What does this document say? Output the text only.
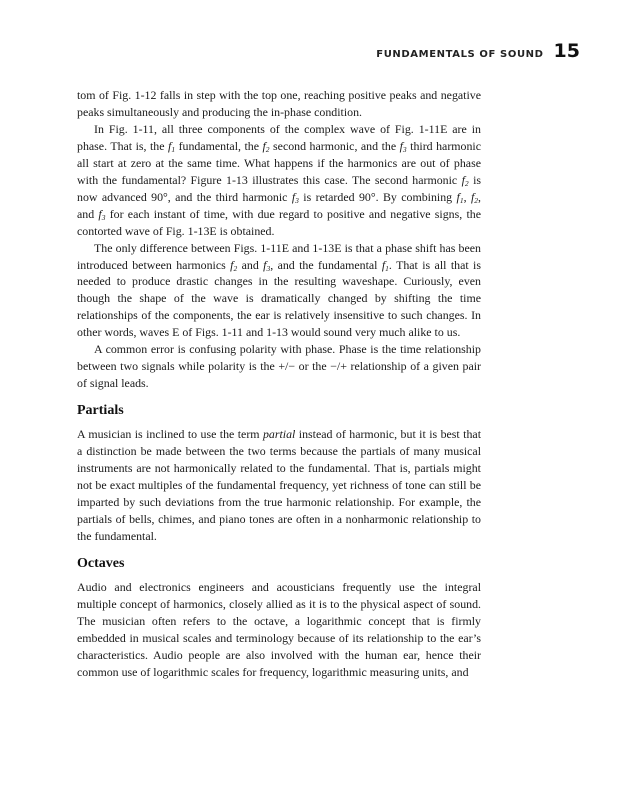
FUNDAMENTALS OF SOUND 15

tom of Fig. 1-12 falls in step with the top one, reaching positive peaks and negative peaks simultaneously and producing the in-phase condition.

In Fig. 1-11, all three components of the complex wave of Fig. 1-11E are in phase. That is, the $f_1$ fundamental, the $f_2$ second harmonic, and the $f_3$ third harmonic all start at zero at the same time. What happens if the harmonics are out of phase with the fundamental? Figure 1-13 illustrates this case. The second harmonic $f_2$ is now advanced 90°, and the third harmonic $f_3$ is retarded 90°. By combining $f_1$, $f_2$, and $f_3$ for each instant of time, with due regard to positive and negative signs, the contorted wave of Fig. 1-13E is obtained.

The only difference between Figs. 1-11E and 1-13E is that a phase shift has been introduced between harmonics $f_2$ and $f_3$, and the fundamental $f_1$. That is all that is needed to produce drastic changes in the resulting waveshape. Curiously, even though the shape of the wave is dramatically changed by shifting the time relationships of the components, the ear is relatively insensitive to such changes. In other words, waves E of Figs. 1-11 and 1-13 would sound very much alike to us.

A common error is confusing polarity with phase. Phase is the time relationship between two signals while polarity is the +/− or the −/+ relationship of a given pair of signal leads.

Partials

A musician is inclined to use the term partial instead of harmonic, but it is best that a distinction be made between the two terms because the partials of many musical instruments are not harmonically related to the fundamental. That is, partials might not be exact multiples of the fundamental frequency, yet richness of tone can still be imparted by such deviations from the true harmonic relationship. For example, the partials of bells, chimes, and piano tones are often in a nonharmonic relationship to the fundamental.

Octaves

Audio and electronics engineers and acousticians frequently use the integral multiple concept of harmonics, closely allied as it is to the physical aspect of sound. The musician often refers to the octave, a logarithmic concept that is firmly embedded in musical scales and terminology because of its relationship to the ear’s characteristics. Audio people are also involved with the human ear, hence their common use of logarithmic scales for frequency, logarithmic measuring units, and
